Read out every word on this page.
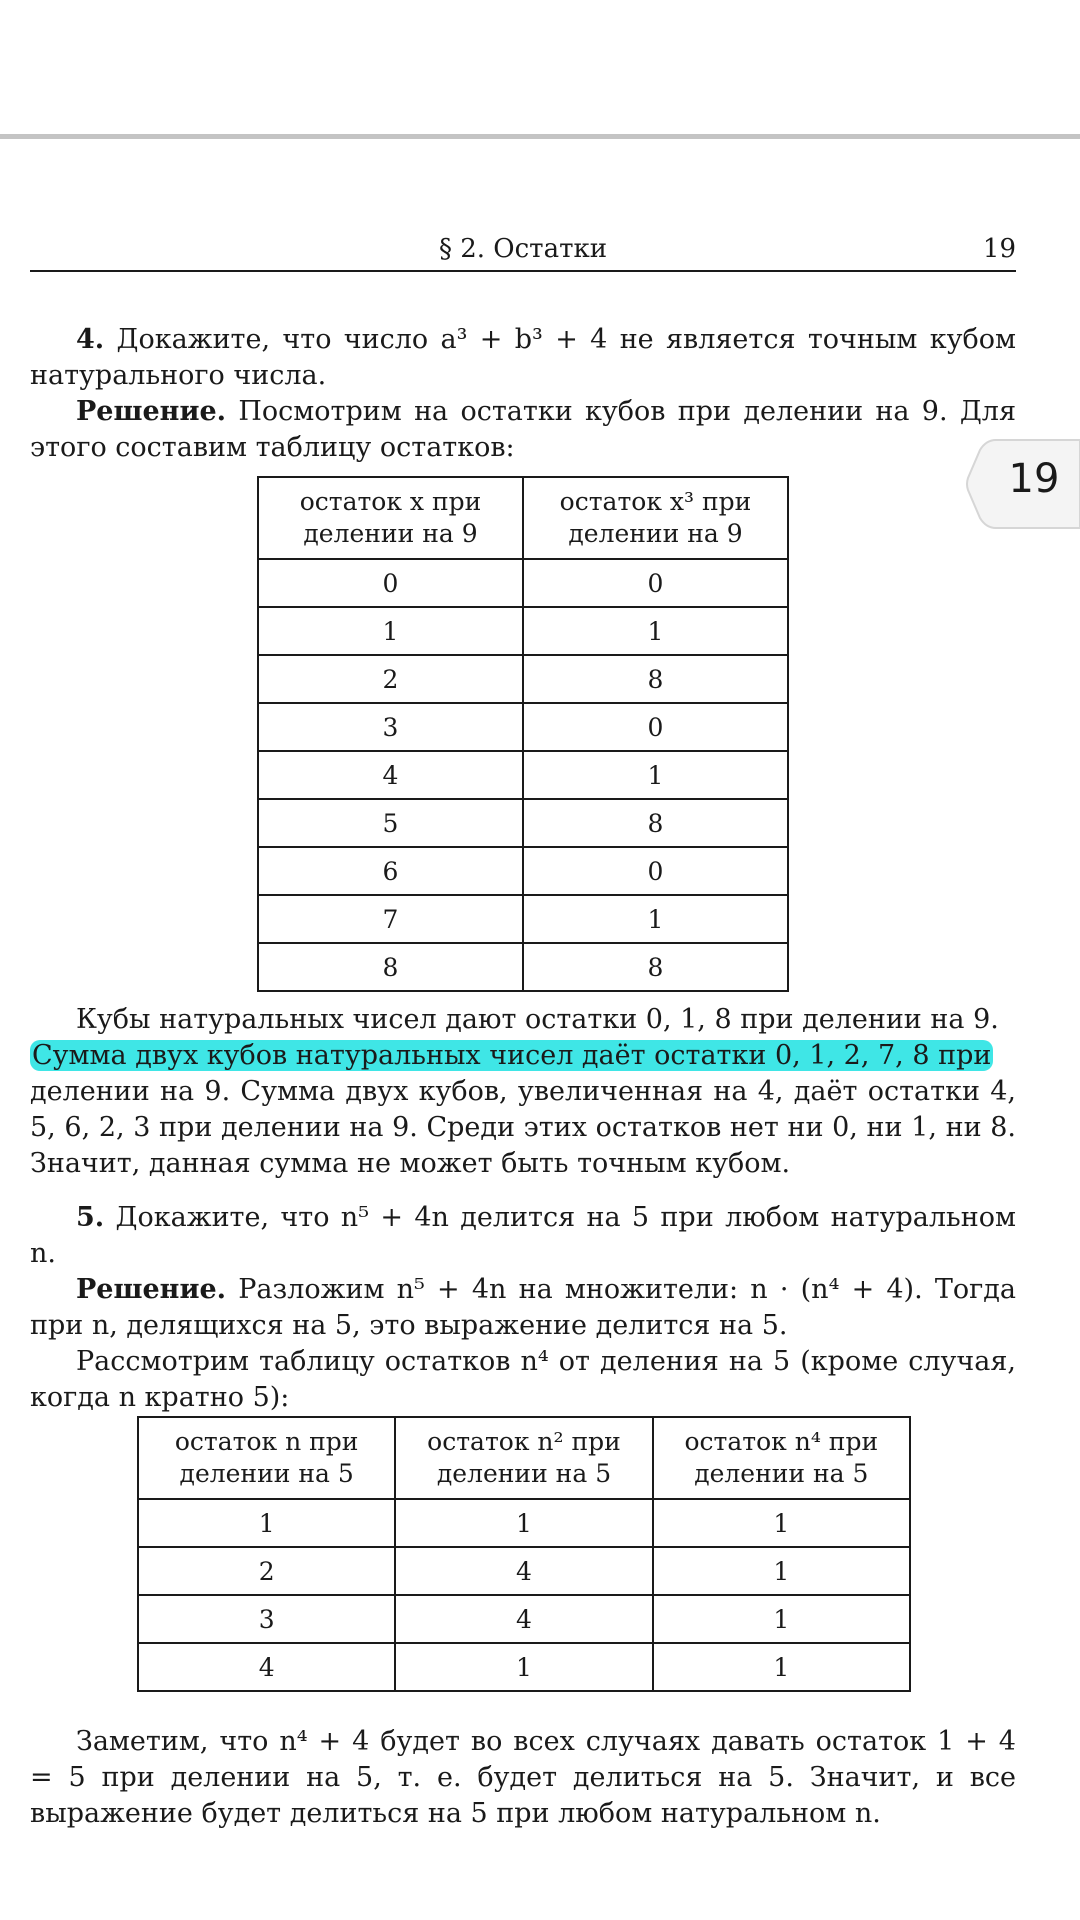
§ 2. Остатки	19
19

4. Докажите, что число a³ + b³ + 4 не является точным кубом натурального числа.

Решение. Посмотрим на остатки кубов при делении на 9. Для этого составим таблицу остатков:

остаток x при делении на 9	остаток x³ при делении на 9
0	0
1	1
2	8
3	0
4	1
5	8
6	0
7	1
8	8

Кубы натуральных чисел дают остатки 0, 1, 8 при делении на 9.

Сумма двух кубов натуральных чисел даёт остатки 0, 1, 2, 7, 8 при

делении на 9. Сумма двух кубов, увеличенная на 4, даёт остатки 4, 5, 6, 2, 3 при делении на 9. Среди этих остатков нет ни 0, ни 1, ни 8. Значит, данная сумма не может быть точным кубом.

5. Докажите, что n⁵ + 4n делится на 5 при любом натуральном n.

Решение. Разложим n⁵ + 4n на множители: n · (n⁴ + 4). Тогда при n, делящихся на 5, это выражение делится на 5.

Рассмотрим таблицу остатков n⁴ от деления на 5 (кроме случая, когда n кратно 5):

остаток n при делении на 5	остаток n² при делении на 5	остаток n⁴ при делении на 5
1	1	1
2	4	1
3	4	1
4	1	1

Заметим, что n⁴ + 4 будет во всех случаях давать остаток 1 + 4 = 5 при делении на 5, т. е. будет делиться на 5. Значит, и все выражение будет делиться на 5 при любом натуральном n.
